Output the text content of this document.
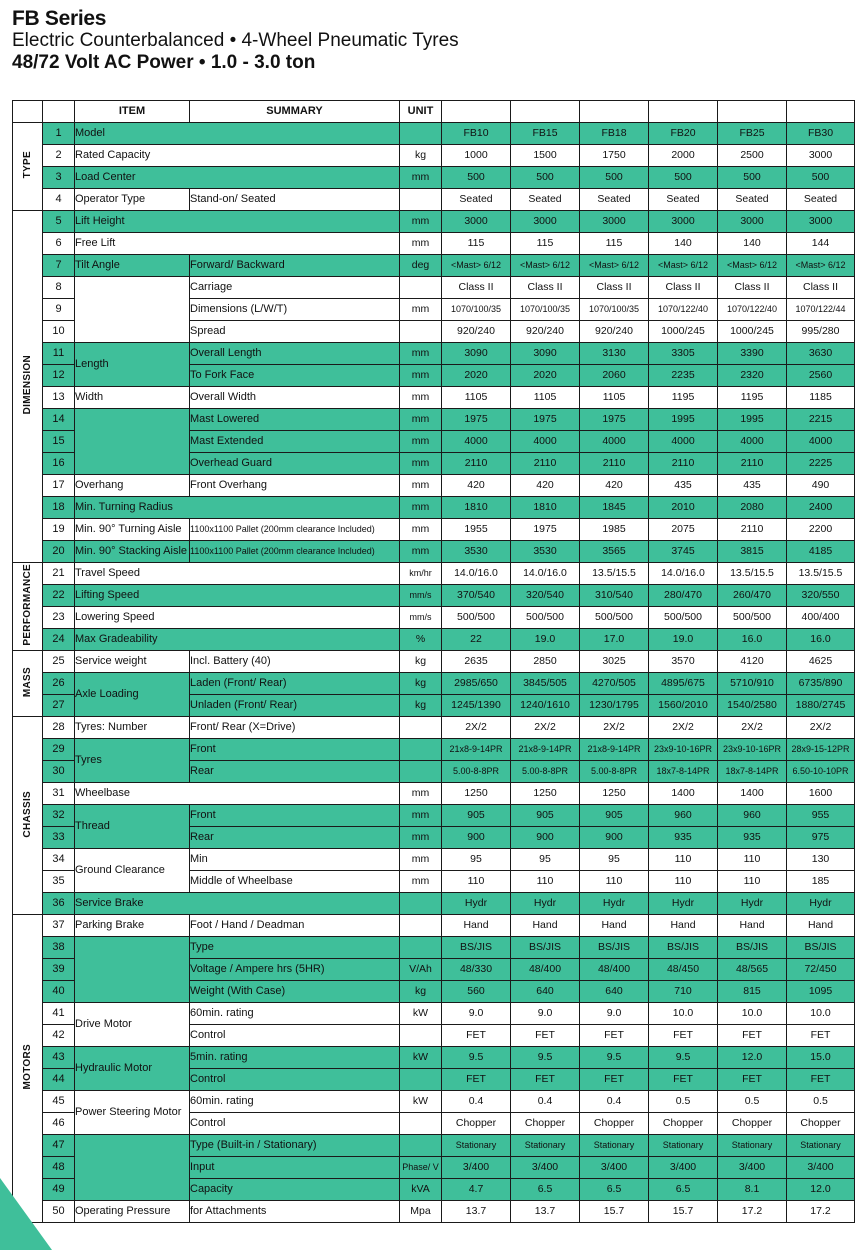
FB Series
Electric Counterbalanced • 4-Wheel Pneumatic Tyres
48/72 Volt AC Power • 1.0 - 3.0 ton
		ITEM	SUMMARY	UNIT						
TYPE	1	Model			FB10	FB15	FB18	FB20	FB25	FB30
	2	Rated Capacity		kg	1000	1500	1750	2000	2500	3000
	3	Load Center		mm	500	500	500	500	500	500
	4	Operator Type	Stand-on/ Seated		Seated	Seated	Seated	Seated	Seated	Seated
DIMENSION	5	Lift Height		mm	3000	3000	3000	3000	3000	3000
	6	Free Lift		mm	115	115	115	140	140	144
	7	Tilt Angle	Forward/ Backward	deg	<Mast> 6/12	<Mast> 6/12	<Mast> 6/12	<Mast> 6/12	<Mast> 6/12	<Mast> 6/12
	8		Carriage		Class II	Class II	Class II	Class II	Class II	Class II
	9		Dimensions (L/W/T)	mm	1070/100/35	1070/100/35	1070/100/35	1070/122/40	1070/122/40	1070/122/44
	10		Spread		920/240	920/240	920/240	1000/245	1000/245	995/280
	11	Length	Overall Length	mm	3090	3090	3130	3305	3390	3630
	12		To Fork Face	mm	2020	2020	2060	2235	2320	2560
	13	Width	Overall Width	mm	1105	1105	1105	1195	1195	1185
	14		Mast Lowered	mm	1975	1975	1975	1995	1995	2215
	15		Mast Extended	mm	4000	4000	4000	4000	4000	4000
	16		Overhead Guard	mm	2110	2110	2110	2110	2110	2225
	17	Overhang	Front Overhang	mm	420	420	420	435	435	490
	18	Min. Turning Radius		mm	1810	1810	1845	2010	2080	2400
	19	Min. 90° Turning Aisle	1100x1100 Pallet (200mm clearance Included)	mm	1955	1975	1985	2075	2110	2200
	20	Min. 90° Stacking Aisle	1100x1100 Pallet (200mm clearance Included)	mm	3530	3530	3565	3745	3815	4185
PERFORMANCE	21	Travel Speed		km/hr	14.0/16.0	14.0/16.0	13.5/15.5	14.0/16.0	13.5/15.5	13.5/15.5
	22	Lifting Speed		mm/s	370/540	320/540	310/540	280/470	260/470	320/550
	23	Lowering Speed		mm/s	500/500	500/500	500/500	500/500	500/500	400/400
	24	Max Gradeability		%	22	19.0	17.0	19.0	16.0	16.0
MASS	25	Service weight	Incl. Battery (40)	kg	2635	2850	3025	3570	4120	4625
	26	Axle Loading	Laden (Front/ Rear)	kg	2985/650	3845/505	4270/505	4895/675	5710/910	6735/890
	27		Unladen (Front/ Rear)	kg	1245/1390	1240/1610	1230/1795	1560/2010	1540/2580	1880/2745
CHASSIS	28	Tyres: Number	Front/ Rear (X=Drive)		2X/2	2X/2	2X/2	2X/2	2X/2	2X/2
	29	Tyres	Front		21x8-9-14PR	21x8-9-14PR	21x8-9-14PR	23x9-10-16PR	23x9-10-16PR	28x9-15-12PR
	30		Rear		5.00-8-8PR	5.00-8-8PR	5.00-8-8PR	18x7-8-14PR	18x7-8-14PR	6.50-10-10PR
	31	Wheelbase		mm	1250	1250	1250	1400	1400	1600
	32	Thread	Front	mm	905	905	905	960	960	955
	33		Rear	mm	900	900	900	935	935	975
	34	Ground Clearance	Min	mm	95	95	95	110	110	130
	35		Middle of Wheelbase	mm	110	110	110	110	110	185
	36	Service Brake			Hydr	Hydr	Hydr	Hydr	Hydr	Hydr
MOTORS	37	Parking Brake	Foot / Hand / Deadman		Hand	Hand	Hand	Hand	Hand	Hand
	38		Type		BS/JIS	BS/JIS	BS/JIS	BS/JIS	BS/JIS	BS/JIS
	39		Voltage / Ampere hrs (5HR)	V/Ah	48/330	48/400	48/400	48/450	48/565	72/450
	40		Weight (With Case)	kg	560	640	640	710	815	1095
	41	Drive Motor	60min. rating	kW	9.0	9.0	9.0	10.0	10.0	10.0
	42		Control		FET	FET	FET	FET	FET	FET
	43	Hydraulic Motor	5min. rating	kW	9.5	9.5	9.5	9.5	12.0	15.0
	44		Control		FET	FET	FET	FET	FET	FET
	45	Power Steering Motor	60min. rating	kW	0.4	0.4	0.4	0.5	0.5	0.5
	46		Control		Chopper	Chopper	Chopper	Chopper	Chopper	Chopper
	47		Type (Built-in / Stationary)		Stationary	Stationary	Stationary	Stationary	Stationary	Stationary
	48		Input	Phase/ V	3/400	3/400	3/400	3/400	3/400	3/400
	49		Capacity	kVA	4.7	6.5	6.5	6.5	8.1	12.0
	50	Operating Pressure	for Attachments	Mpa	13.7	13.7	15.7	15.7	17.2	17.2
